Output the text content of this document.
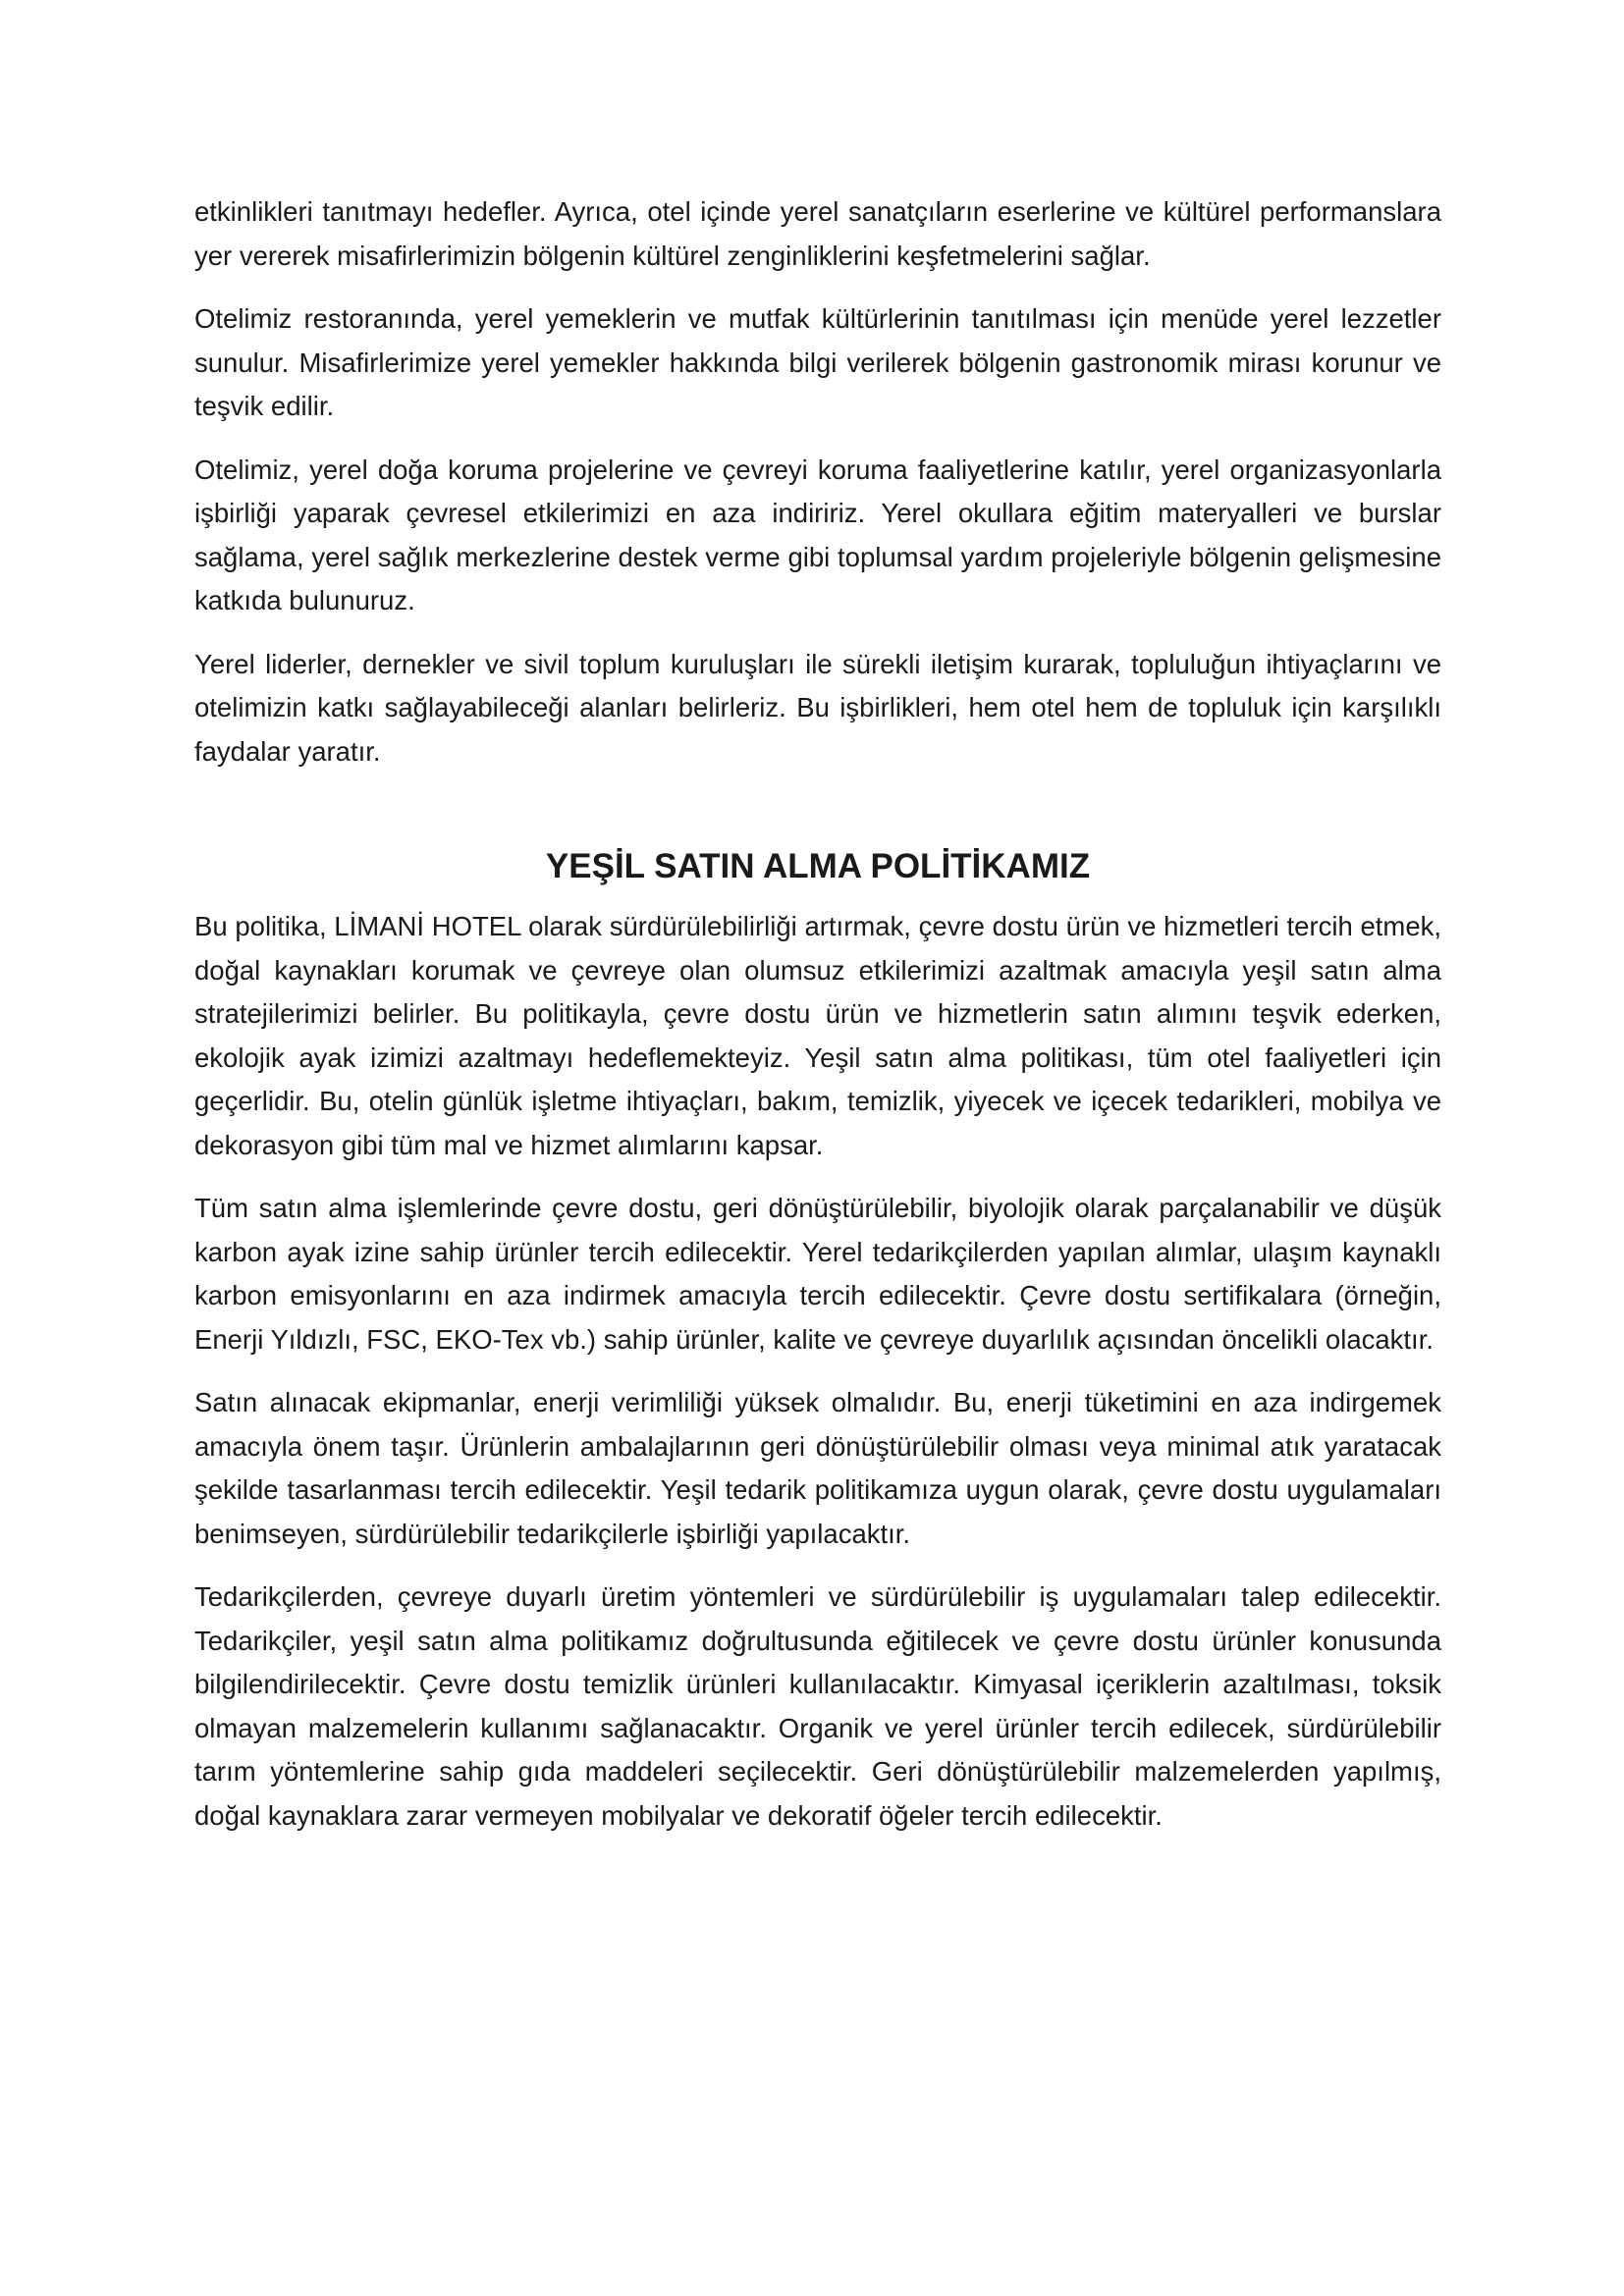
etkinlikleri tanıtmayı hedefler. Ayrıca, otel içinde yerel sanatçıların eserlerine ve kültürel performanslara yer vererek misafirlerimizin bölgenin kültürel zenginliklerini keşfetmelerini sağlar.

Otelimiz restoranında, yerel yemeklerin ve mutfak kültürlerinin tanıtılması için menüde yerel lezzetler sunulur. Misafirlerimize yerel yemekler hakkında bilgi verilerek bölgenin gastronomik mirası korunur ve teşvik edilir.

Otelimiz, yerel doğa koruma projelerine ve çevreyi koruma faaliyetlerine katılır, yerel organizasyonlarla işbirliği yaparak çevresel etkilerimizi en aza indiririz. Yerel okullara eğitim materyalleri ve burslar sağlama, yerel sağlık merkezlerine destek verme gibi toplumsal yardım projeleriyle bölgenin gelişmesine katkıda bulunuruz.

Yerel liderler, dernekler ve sivil toplum kuruluşları ile sürekli iletişim kurarak, topluluğun ihtiyaçlarını ve otelimizin katkı sağlayabileceği alanları belirleriz. Bu işbirlikleri, hem otel hem de topluluk için karşılıklı faydalar yaratır.

YEŞİL SATIN ALMA POLİTİKAMIZ

Bu politika, LİMANİ HOTEL olarak sürdürülebilirliği artırmak, çevre dostu ürün ve hizmetleri tercih etmek, doğal kaynakları korumak ve çevreye olan olumsuz etkilerimizi azaltmak amacıyla yeşil satın alma stratejilerimizi belirler. Bu politikayla, çevre dostu ürün ve hizmetlerin satın alımını teşvik ederken, ekolojik ayak izimizi azaltmayı hedeflemekteyiz. Yeşil satın alma politikası, tüm otel faaliyetleri için geçerlidir. Bu, otelin günlük işletme ihtiyaçları, bakım, temizlik, yiyecek ve içecek tedarikleri, mobilya ve dekorasyon gibi tüm mal ve hizmet alımlarını kapsar.

Tüm satın alma işlemlerinde çevre dostu, geri dönüştürülebilir, biyolojik olarak parçalanabilir ve düşük karbon ayak izine sahip ürünler tercih edilecektir. Yerel tedarikçilerden yapılan alımlar, ulaşım kaynaklı karbon emisyonlarını en aza indirmek amacıyla tercih edilecektir. Çevre dostu sertifikalara (örneğin, Enerji Yıldızlı, FSC, EKO-Tex vb.) sahip ürünler, kalite ve çevreye duyarlılık açısından öncelikli olacaktır.

Satın alınacak ekipmanlar, enerji verimliliği yüksek olmalıdır. Bu, enerji tüketimini en aza indirgemek amacıyla önem taşır. Ürünlerin ambalajlarının geri dönüştürülebilir olması veya minimal atık yaratacak şekilde tasarlanması tercih edilecektir. Yeşil tedarik politikamıza uygun olarak, çevre dostu uygulamaları benimseyen, sürdürülebilir tedarikçilerle işbirliği yapılacaktır.

Tedarikçilerden, çevreye duyarlı üretim yöntemleri ve sürdürülebilir iş uygulamaları talep edilecektir. Tedarikçiler, yeşil satın alma politikamız doğrultusunda eğitilecek ve çevre dostu ürünler konusunda bilgilendirilecektir. Çevre dostu temizlik ürünleri kullanılacaktır. Kimyasal içeriklerin azaltılması, toksik olmayan malzemelerin kullanımı sağlanacaktır. Organik ve yerel ürünler tercih edilecek, sürdürülebilir tarım yöntemlerine sahip gıda maddeleri seçilecektir. Geri dönüştürülebilir malzemelerden yapılmış, doğal kaynaklara zarar vermeyen mobilyalar ve dekoratif öğeler tercih edilecektir.
